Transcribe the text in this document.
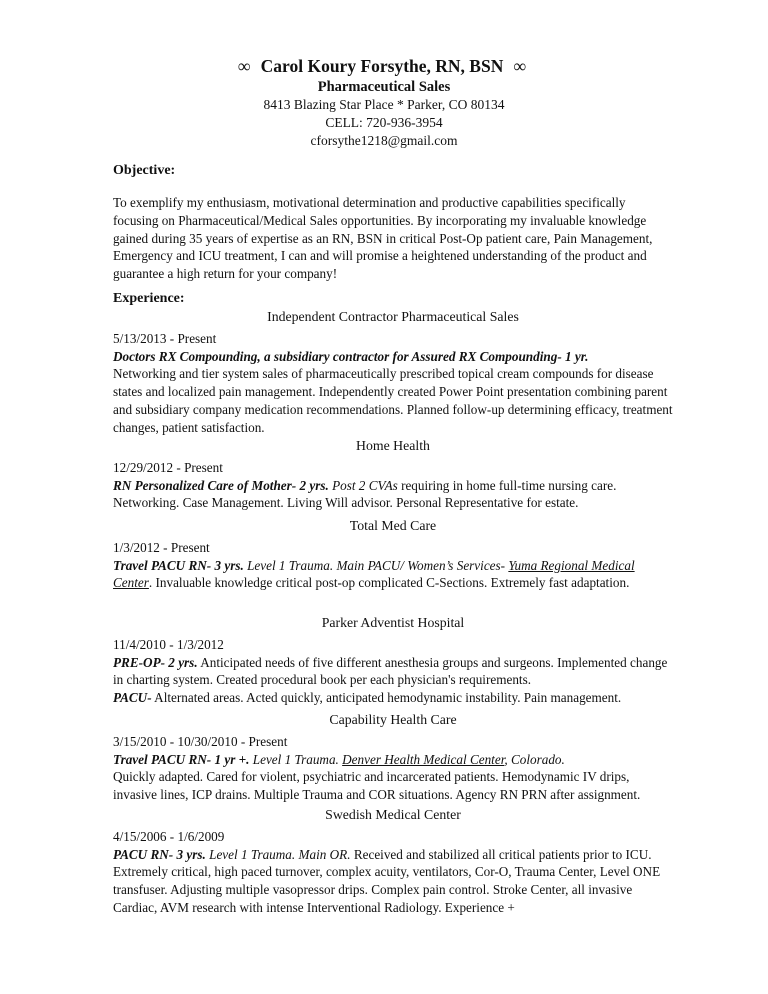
∞ Carol Koury Forsythe, RN, BSN ∞
Pharmaceutical Sales
8413 Blazing Star Place * Parker, CO 80134
CELL: 720-936-3954
cforsythe1218@gmail.com
Objective:
To exemplify my enthusiasm, motivational determination and productive capabilities specifically focusing on Pharmaceutical/Medical Sales opportunities. By incorporating my invaluable knowledge gained during 35 years of expertise as an RN, BSN in critical Post-Op patient care, Pain Management, Emergency and ICU treatment, I can and will promise a heightened understanding of the product and guarantee a high return for your company!
Experience:
Independent Contractor Pharmaceutical Sales
5/13/2013 - Present
Doctors RX Compounding, a subsidiary contractor for Assured RX Compounding- 1 yr.
Networking and tier system sales of pharmaceutically prescribed topical cream compounds for disease states and localized pain management. Independently created Power Point presentation combining parent and subsidiary company medication recommendations. Planned follow-up determining efficacy, treatment changes, patient satisfaction.
Home Health
12/29/2012 - Present
RN Personalized Care of Mother- 2 yrs. Post 2 CVAs requiring in home full-time nursing care. Networking. Case Management. Living Will advisor. Personal Representative for estate.
Total Med Care
1/3/2012 - Present
Travel PACU RN- 3 yrs. Level 1 Trauma. Main PACU/ Women’s Services- Yuma Regional Medical Center. Invaluable knowledge critical post-op complicated C-Sections. Extremely fast adaptation.
Parker Adventist Hospital
11/4/2010 - 1/3/2012
PRE-OP- 2 yrs. Anticipated needs of five different anesthesia groups and surgeons. Implemented change in charting system. Created procedural book per each physician's requirements.
PACU- Alternated areas. Acted quickly, anticipated hemodynamic instability. Pain management.
Capability Health Care
3/15/2010 - 10/30/2010 - Present
Travel PACU RN- 1 yr +. Level 1 Trauma. Denver Health Medical Center, Colorado.
Quickly adapted. Cared for violent, psychiatric and incarcerated patients. Hemodynamic IV drips, invasive lines, ICP drains. Multiple Trauma and COR situations. Agency RN PRN after assignment.
Swedish Medical Center
4/15/2006 - 1/6/2009
PACU RN- 3 yrs. Level 1 Trauma. Main OR. Received and stabilized all critical patients prior to ICU. Extremely critical, high paced turnover, complex acuity, ventilators, Cor-O, Trauma Center, Level ONE transfuser. Adjusting multiple vasopressor drips. Complex pain control. Stroke Center, all invasive Cardiac, AVM research with intense Interventional Radiology. Experience +
